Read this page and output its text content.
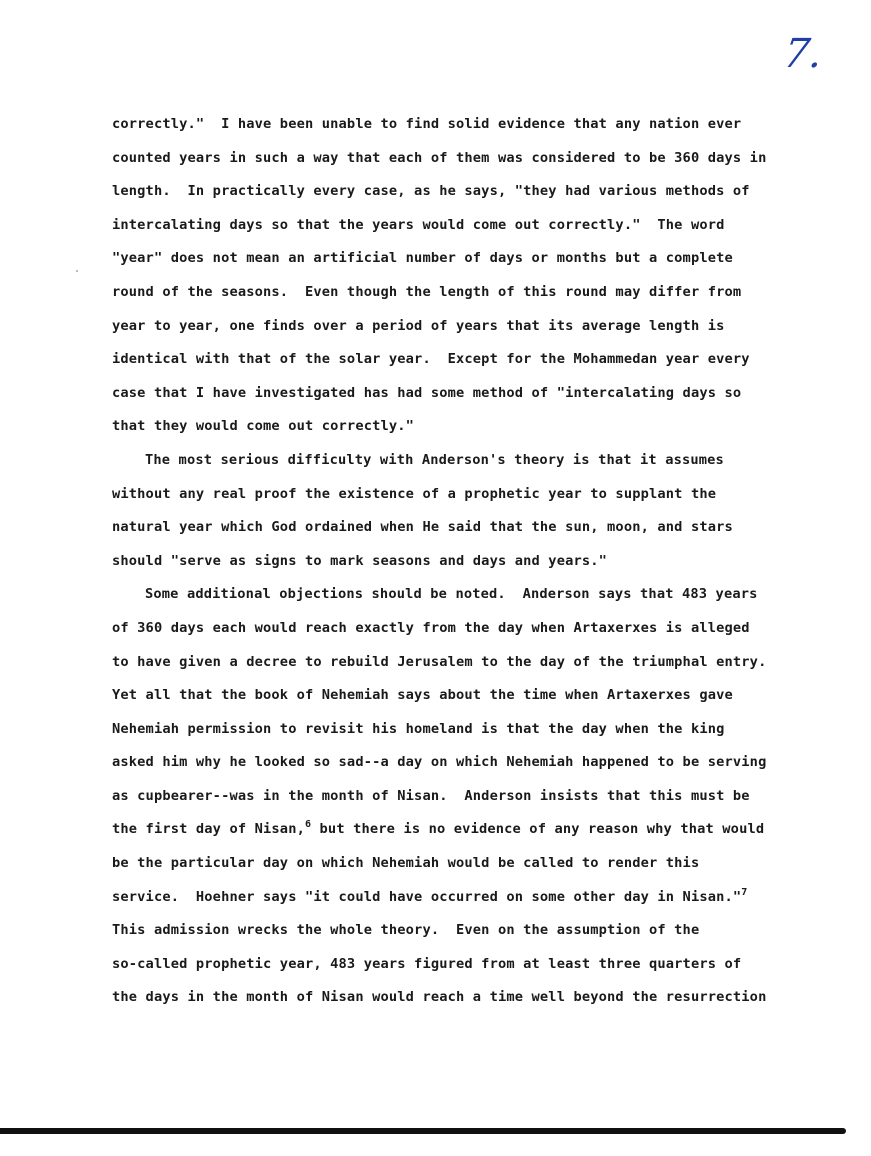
7.
correctly."  I have been unable to find solid evidence that any nation ever
counted years in such a way that each of them was considered to be 360 days in
length.  In practically every case, as he says, "they had various methods of
intercalating days so that the years would come out correctly."  The word
"year" does not mean an artificial number of days or months but a complete
round of the seasons.  Even though the length of this round may differ from
year to year, one finds over a period of years that its average length is
identical with that of the solar year.  Except for the Mohammedan year every
case that I have investigated has had some method of "intercalating days so
that they would come out correctly."
The most serious difficulty with Anderson's theory is that it assumes
without any real proof the existence of a prophetic year to supplant the
natural year which God ordained when He said that the sun, moon, and stars
should "serve as signs to mark seasons and days and years."
Some additional objections should be noted.  Anderson says that 483 years
of 360 days each would reach exactly from the day when Artaxerxes is alleged
to have given a decree to rebuild Jerusalem to the day of the triumphal entry.
Yet all that the book of Nehemiah says about the time when Artaxerxes gave
Nehemiah permission to revisit his homeland is that the day when the king
asked him why he looked so sad--a day on which Nehemiah happened to be serving
as cupbearer--was in the month of Nisan.  Anderson insists that this must be
the first day of Nisan,$^6$ but there is no evidence of any reason why that would
be the particular day on which Nehemiah would be called to render this
service.  Hoehner says "it could have occurred on some other day in Nisan."$^7$
This admission wrecks the whole theory.  Even on the assumption of the
so-called prophetic year, 483 years figured from at least three quarters of
the days in the month of Nisan would reach a time well beyond the resurrection
